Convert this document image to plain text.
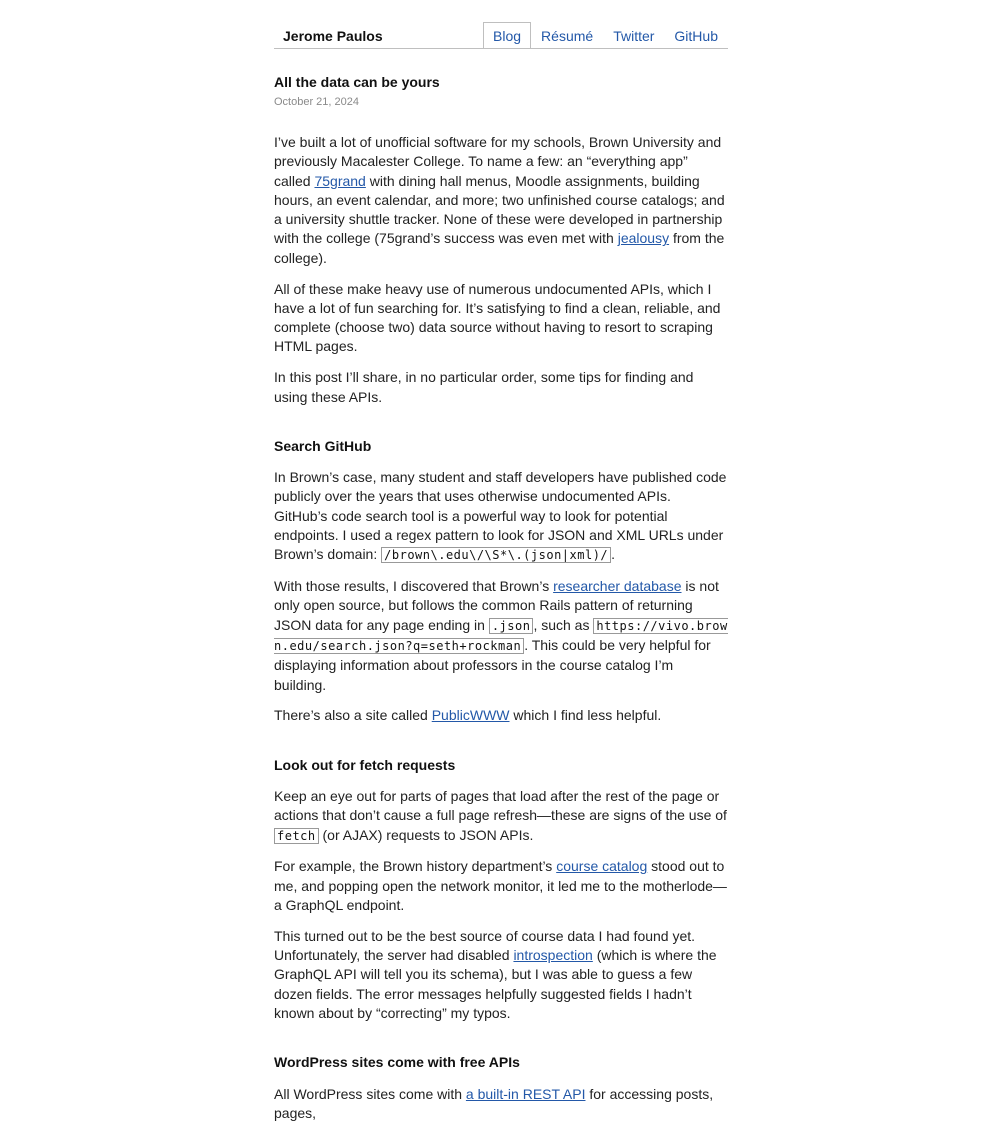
Jerome Paulos	Blog	Résumé	Twitter	GitHub
All the data can be yours
October 21, 2024

I’ve built a lot of unofficial software for my schools, Brown University and previously Macalester College. To name a few: an “everything app” called 75grand with dining hall menus, Moodle assignments, building hours, an event calendar, and more; two unfinished course catalogs; and a university shuttle tracker. None of these were developed in partnership with the college (75grand’s success was even met with jealousy from the college).

All of these make heavy use of numerous undocumented APIs, which I have a lot of fun searching for. It’s satisfying to find a clean, reliable, and complete (choose two) data source without having to resort to scraping HTML pages.

In this post I’ll share, in no particular order, some tips for finding and using these APIs.

Search GitHub

In Brown’s case, many student and staff developers have published code publicly over the years that uses otherwise undocumented APIs. GitHub’s code search tool is a powerful way to look for potential endpoints. I used a regex pattern to look for JSON and XML URLs under Brown’s domain: /brown\.edu\/\S*\.(json|xml)/ .

With those results, I discovered that Brown’s researcher database is not only open source, but follows the common Rails pattern of returning JSON data for any page ending in .json , such as https://vivo.brown.edu/search.json?q=seth+rockman . This could be very helpful for displaying information about professors in the course catalog I’m building.

There’s also a site called PublicWWW which I find less helpful.

Look out for fetch requests

Keep an eye out for parts of pages that load after the rest of the page or actions that don’t cause a full page refresh—these are signs of the use of fetch (or AJAX) requests to JSON APIs.

For example, the Brown history department’s course catalog stood out to me, and popping open the network monitor, it led me to the motherlode—a GraphQL endpoint.

This turned out to be the best source of course data I had found yet. Unfortunately, the server had disabled introspection (which is where the GraphQL API will tell you its schema), but I was able to guess a few dozen fields. The error messages helpfully suggested fields I hadn’t known about by “correcting” my typos.

WordPress sites come with free APIs

All WordPress sites come with a built-in REST API for accessing posts, pages,
